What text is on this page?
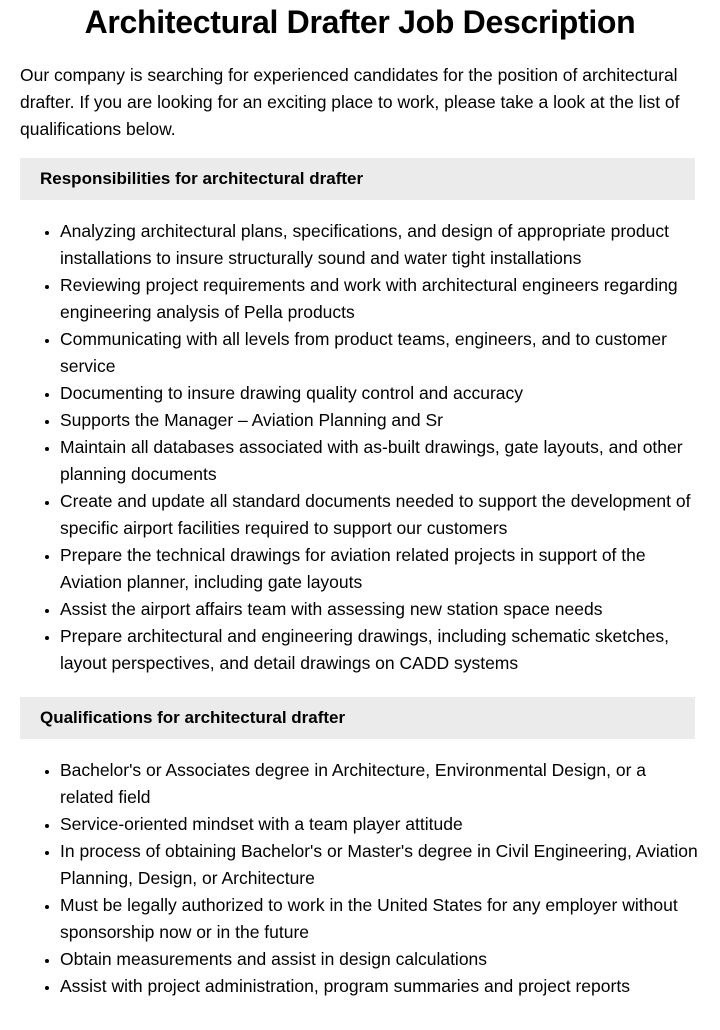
Architectural Drafter Job Description

Our company is searching for experienced candidates for the position of architectural drafter. If you are looking for an exciting place to work, please take a look at the list of qualifications below.

Responsibilities for architectural drafter
• Analyzing architectural plans, specifications, and design of appropriate product installations to insure structurally sound and water tight installations
• Reviewing project requirements and work with architectural engineers regarding engineering analysis of Pella products
• Communicating with all levels from product teams, engineers, and to customer service
• Documenting to insure drawing quality control and accuracy
• Supports the Manager – Aviation Planning and Sr
• Maintain all databases associated with as-built drawings, gate layouts, and other planning documents
• Create and update all standard documents needed to support the development of specific airport facilities required to support our customers
• Prepare the technical drawings for aviation related projects in support of the Aviation planner, including gate layouts
• Assist the airport affairs team with assessing new station space needs
• Prepare architectural and engineering drawings, including schematic sketches, layout perspectives, and detail drawings on CADD systems
Qualifications for architectural drafter
• Bachelor's or Associates degree in Architecture, Environmental Design, or a related field
• Service-oriented mindset with a team player attitude
• In process of obtaining Bachelor's or Master's degree in Civil Engineering, Aviation Planning, Design, or Architecture
• Must be legally authorized to work in the United States for any employer without sponsorship now or in the future
• Obtain measurements and assist in design calculations
• Assist with project administration, program summaries and project reports
